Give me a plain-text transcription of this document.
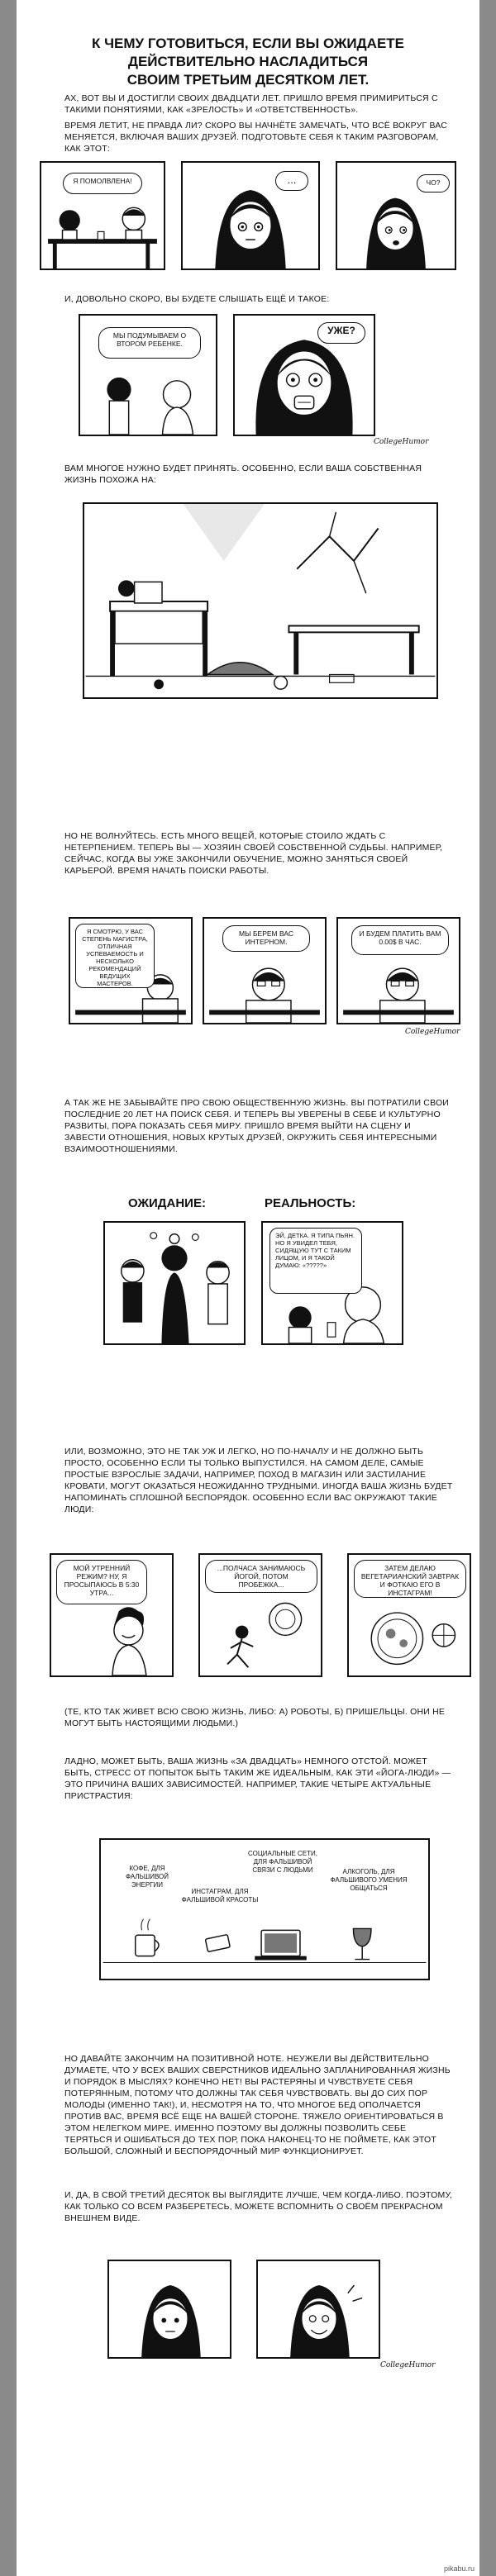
К ЧЕМУ ГОТОВИТЬСЯ, ЕСЛИ ВЫ ОЖИДАЕТЕ
ДЕЙСТВИТЕЛЬНО НАСЛАДИТЬСЯ
СВОИМ ТРЕТЬИМ ДЕСЯТКОМ ЛЕТ.
АХ, ВОТ ВЫ И ДОСТИГЛИ СВОИХ ДВАДЦАТИ ЛЕТ. ПРИШЛО ВРЕМЯ ПРИМИРИТЬСЯ С ТАКИМИ ПОНЯТИЯМИ, КАК «ЗРЕЛОСТЬ» И «ОТВЕТСТВЕННОСТЬ».
ВРЕМЯ ЛЕТИТ, НЕ ПРАВДА ЛИ? СКОРО ВЫ НАЧНЁТЕ ЗАМЕЧАТЬ, ЧТО ВСЁ ВОКРУГ ВАС МЕНЯЕТСЯ, ВКЛЮЧАЯ ВАШИХ ДРУЗЕЙ. ПОДГОТОВЬТЕ СЕБЯ К ТАКИМ РАЗГОВОРАМ, КАК ЭТОТ:
Я ПОМОЛВЛЕНА!	...	ЧО?
И, ДОВОЛЬНО СКОРО, ВЫ БУДЕТЕ СЛЫШАТЬ ЕЩЁ И ТАКОЕ:
МЫ ПОДУМЫВАЕМ О ВТОРОМ РЕБЕНКЕ.
УЖЕ?
CollegeHumor
ВАМ МНОГОЕ НУЖНО БУДЕТ ПРИНЯТЬ. ОСОБЕННО, ЕСЛИ ВАША СОБСТВЕННАЯ ЖИЗНЬ ПОХОЖА НА:
НО НЕ ВОЛНУЙТЕСЬ. ЕСТЬ МНОГО ВЕЩЕЙ, КОТОРЫЕ СТОИЛО ЖДАТЬ С НЕТЕРПЕНИЕМ. ТЕПЕРЬ ВЫ — ХОЗЯИН СВОЕЙ СОБСТВЕННОЙ СУДЬБЫ. НАПРИМЕР, СЕЙЧАС, КОГДА ВЫ УЖЕ ЗАКОНЧИЛИ ОБУЧЕНИЕ, МОЖНО ЗАНЯТЬСЯ СВОЕЙ КАРЬЕРОЙ. ВРЕМЯ НАЧАТЬ ПОИСКИ РАБОТЫ.
Я СМОТРЮ, У ВАС СТЕПЕНЬ МАГИСТРА, ОТЛИЧНАЯ УСПЕВАЕМОСТЬ И НЕСКОЛЬКО РЕКОМЕНДАЦИЙ ВЕДУЩИХ МАСТЕРОВ.
МЫ БЕРЕМ ВАС ИНТЕРНОМ.
И БУДЕМ ПЛАТИТЬ ВАМ 0.00$ В ЧАС.
CollegeHumor
А ТАК ЖЕ НЕ ЗАБЫВАЙТЕ ПРО СВОЮ ОБЩЕСТВЕННУЮ ЖИЗНЬ. ВЫ ПОТРАТИЛИ СВОИ ПОСЛЕДНИЕ 20 ЛЕТ НА ПОИСК СЕБЯ. И ТЕПЕРЬ ВЫ УВЕРЕНЫ В СЕБЕ И КУЛЬТУРНО РАЗВИТЫ, ПОРА ПОКАЗАТЬ СЕБЯ МИРУ. ПРИШЛО ВРЕМЯ ВЫЙТИ НА СЦЕНУ И ЗАВЕСТИ ОТНОШЕНИЯ, НОВЫХ КРУТЫХ ДРУЗЕЙ, ОКРУЖИТЬ СЕБЯ ИНТЕРЕСНЫМИ ВЗАИМООТНОШЕНИЯМИ.
ОЖИДАНИЕ:	РЕАЛЬНОСТЬ:
ЭЙ, ДЕТКА. Я ТИПА ПЬЯН. НО Я УВИДЕЛ ТЕБЯ, СИДЯЩУЮ ТУТ С ТАКИМ ЛИЦОМ, И Я ТАКОЙ ДУМАЮ: «?????»
ИЛИ, ВОЗМОЖНО, ЭТО НЕ ТАК УЖ И ЛЕГКО, НО ПО-НАЧАЛУ И НЕ ДОЛЖНО БЫТЬ ПРОСТО, ОСОБЕННО ЕСЛИ ТЫ ТОЛЬКО ВЫПУСТИЛСЯ. НА САМОМ ДЕЛЕ, САМЫЕ ПРОСТЫЕ ВЗРОСЛЫЕ ЗАДАЧИ, НАПРИМЕР, ПОХОД В МАГАЗИН ИЛИ ЗАСТИЛАНИЕ КРОВАТИ, МОГУТ ОКАЗАТЬСЯ НЕОЖИДАННО ТРУДНЫМИ. ИНОГДА ВАША ЖИЗНЬ БУДЕТ НАПОМИНАТЬ СПЛОШНОЙ БЕСПОРЯДОК. ОСОБЕННО ЕСЛИ ВАС ОКРУЖАЮТ ТАКИЕ ЛЮДИ:
МОЙ УТРЕННИЙ РЕЖИМ? НУ, Я ПРОСЫПАЮСЬ В 5:30 УТРА...
...ПОЛЧАСА ЗАНИМАЮСЬ ЙОГОЙ, ПОТОМ ПРОБЕЖКА...
ЗАТЕМ ДЕЛАЮ ВЕГЕТАРИАНСКИЙ ЗАВТРАК И ФОТКАЮ ЕГО В ИНСТАГРАМ!
(ТЕ, КТО ТАК ЖИВЕТ ВСЮ СВОЮ ЖИЗНЬ, ЛИБО: А) РОБОТЫ, Б) ПРИШЕЛЬЦЫ. ОНИ НЕ МОГУТ БЫТЬ НАСТОЯЩИМИ ЛЮДЬМИ.)
ЛАДНО, МОЖЕТ БЫТЬ, ВАША ЖИЗНЬ «ЗА ДВАДЦАТЬ» НЕМНОГО ОТСТОЙ. МОЖЕТ БЫТЬ, СТРЕСС ОТ ПОПЫТОК БЫТЬ ТАКИМ ЖЕ ИДЕАЛЬНЫМ, КАК ЭТИ «ЙОГА-ЛЮДИ» — ЭТО ПРИЧИНА ВАШИХ ЗАВИСИМОСТЕЙ. НАПРИМЕР, ТАКИЕ ЧЕТЫРЕ АКТУАЛЬНЫЕ ПРИСТРАСТИЯ:
КОФЕ, ДЛЯ ФАЛЬШИВОЙ ЭНЕРГИИ
ИНСТАГРАМ, ДЛЯ ФАЛЬШИВОЙ КРАСОТЫ
СОЦИАЛЬНЫЕ СЕТИ, ДЛЯ ФАЛЬШИВОЙ СВЯЗИ С ЛЮДЬМИ	АЛКОГОЛЬ, ДЛЯ ФАЛЬШИВОГО УМЕНИЯ ОБЩАТЬСЯ
НО ДАВАЙТЕ ЗАКОНЧИМ НА ПОЗИТИВНОЙ НОТЕ. НЕУЖЕЛИ ВЫ ДЕЙСТВИТЕЛЬНО ДУМАЕТЕ, ЧТО У ВСЕХ ВАШИХ СВЕРСТНИКОВ ИДЕАЛЬНО ЗАПЛАНИРОВАННАЯ ЖИЗНЬ И ПОРЯДОК В МЫСЛЯХ? КОНЕЧНО НЕТ! ВЫ РАСТЕРЯНЫ И ЧУВСТВУЕТЕ СЕБЯ ПОТЕРЯННЫМ, ПОТОМУ ЧТО ДОЛЖНЫ ТАК СЕБЯ ЧУВСТВОВАТЬ. ВЫ ДО СИХ ПОР МОЛОДЫ (ИМЕННО ТАК!), И, НЕСМОТРЯ НА ТО, ЧТО МНОГОЕ БЕД ОПОЛЧАЕТСЯ ПРОТИВ ВАС, ВРЕМЯ ВСЁ ЕЩЕ НА ВАШЕЙ СТОРОНЕ. ТЯЖЕЛО ОРИЕНТИРОВАТЬСЯ В ЭТОМ НЕЛЕГКОМ МИРЕ. ИМЕННО ПОЭТОМУ ВЫ ДОЛЖНЫ ПОЗВОЛИТЬ СЕБЕ ТЕРЯТЬСЯ И ОШИБАТЬСЯ ДО ТЕХ ПОР, ПОКА НАКОНЕЦ-ТО НЕ ПОЙМЕТЕ, КАК ЭТОТ БОЛЬШОЙ, СЛОЖНЫЙ И БЕСПОРЯДОЧНЫЙ МИР ФУНКЦИОНИРУЕТ.
И, ДА, В СВОЙ ТРЕТИЙ ДЕСЯТОК ВЫ ВЫГЛЯДИТЕ ЛУЧШЕ, ЧЕМ КОГДА-ЛИБО. ПОЭТОМУ, КАК ТОЛЬКО СО ВСЕМ РАЗБЕРЕТЕСЬ, МОЖЕТЕ ВСПОМНИТЬ О СВОЁМ ПРЕКРАСНОМ ВНЕШНЕМ ВИДЕ.
CollegeHumor
pikabu.ru
